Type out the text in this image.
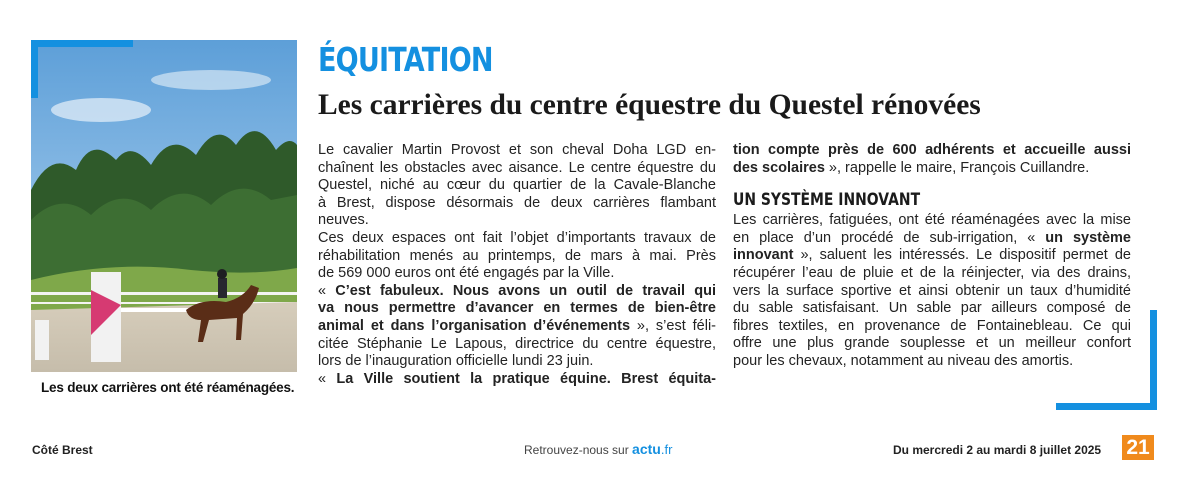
Les deux carrières ont été réaménagées.
ÉQUITATION
Les carrières du centre équestre du Questel rénovées
Le cavalier Martin Provost et son cheval Doha LGD en-
chaînent les obstacles avec aisance. Le centre équestre du
Questel, niché au cœur du quartier de la Cavale-Blanche
à Brest, dispose désormais de deux carrières flambant
neuves.
Ces deux espaces ont fait l’objet d’importants travaux de
réhabilitation menés au printemps, de mars à mai. Près
de 569 000 euros ont été engagés par la Ville.
« C’est fabuleux. Nous avons un outil de travail qui
va nous permettre d’avancer en termes de bien-être
animal et dans l’organisation d’événements », s’est féli-
citée Stéphanie Le Lapous, directrice du centre équestre,
lors de l’inauguration officielle lundi 23 juin.
« La Ville soutient la pratique équine. Brest équita-
tion compte près de 600 adhérents et accueille aussi
des scolaires », rappelle le maire, François Cuillandre.
UN SYSTÈME INNOVANT
Les carrières, fatiguées, ont été réaménagées avec la mise
en place d’un procédé de sub-irrigation, « un système
innovant », saluent les intéressés. Le dispositif permet de
récupérer l’eau de pluie et de la réinjecter, via des drains,
vers la surface sportive et ainsi obtenir un taux d’humidité
du sable satisfaisant. Un sable par ailleurs composé de
fibres textiles, en provenance de Fontainebleau. Ce qui
offre une plus grande souplesse et un meilleur confort
pour les chevaux, notamment au niveau des amortis.
Côté Brest	Retrouvez-nous sur actu.fr	Du mercredi 2 au mardi 8 juillet 2025 21
